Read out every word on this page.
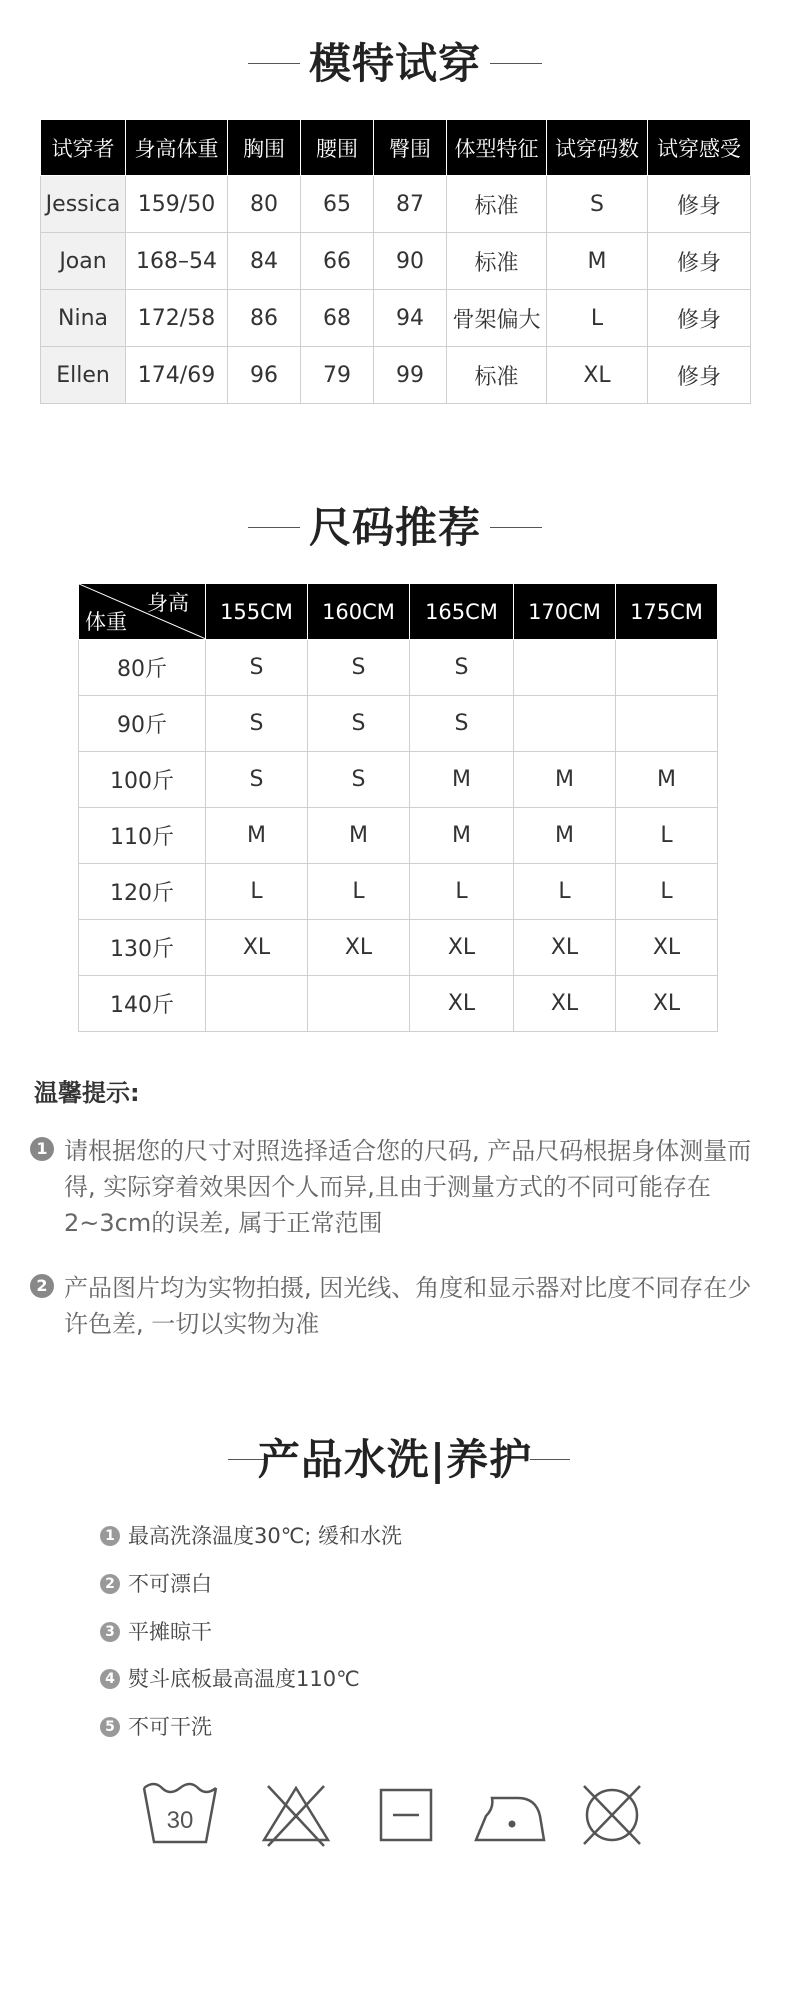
模特试穿
试穿者	身高体重	胸围	腰围	臀围	体型特征	试穿码数	试穿感受
Jessica	159/50	80	65	87	标准	S	修身
Joan	168–54	84	66	90	标准	M	修身
Nina	172/58	86	68	94	骨架偏大	L	修身
Ellen	174/69	96	79	99	标准	XL	修身
尺码推荐
身高
体重	155CM	160CM	165CM	170CM	175CM
80斤	S	S	S		
90斤	S	S	S		
100斤	S	S	M	M	M
110斤	M	M	M	M	L
120斤	L	L	L	L	L
130斤	XL	XL	XL	XL	XL
140斤			XL	XL	XL
温馨提示:
1 请根据您的尺寸对照选择适合您的尺码, 产品尺码根据身体测量而得, 实际穿着效果因个人而异,且由于测量方式的不同可能存在2~3cm的误差, 属于正常范围
2 产品图片均为实物拍摄, 因光线、角度和显示器对比度不同存在少许色差, 一切以实物为准
产品水洗|养护
1 最高洗涤温度30℃; 缓和水洗
2 不可漂白
3 平摊晾干
4 熨斗底板最高温度110℃
5 不可干洗
30
